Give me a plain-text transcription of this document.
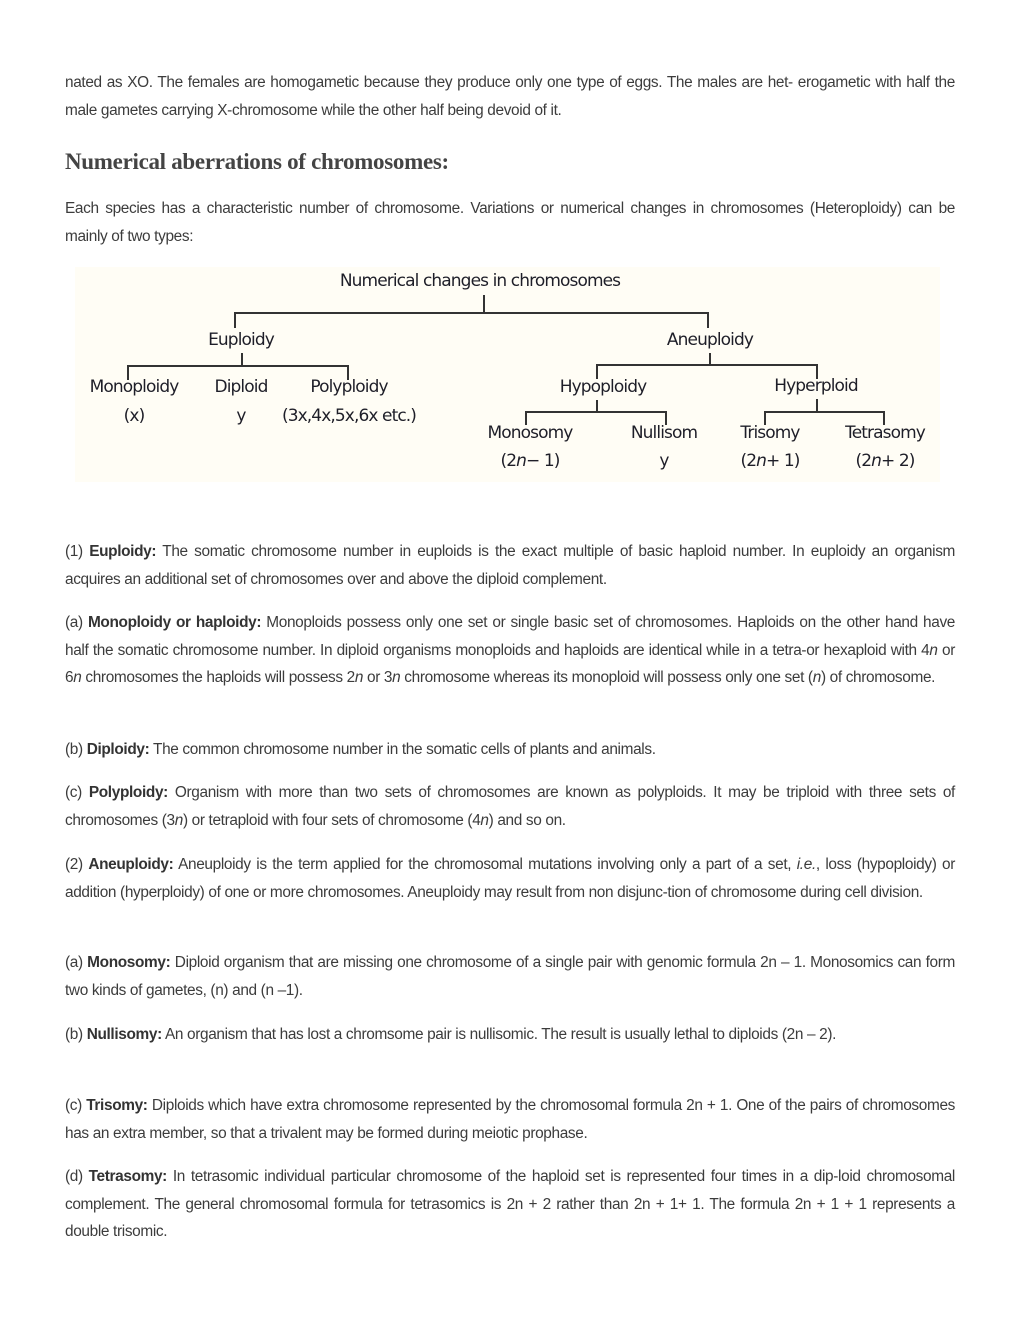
nated as XO. The females are homogametic because they produce only one type of eggs. The males are het- erogametic with half the male gametes carrying X-chromosome while the other half being devoid of it.

Numerical aberrations of chromosomes:

Each species has a characteristic number of chromosome. Variations or numerical changes in chromosomes (Heteroploidy) can be mainly of two types:

Numerical changes in chromosomes
Euploidy
Monoploidy
(x)
Diploid
y
Polyploidy
(3x,4x,5x,6x etc.)
Aneuploidy
Hypoploidy	Hyperploid
Monosomy
(2n− 1)
Nullisom
y
Trisomy
(2n+ 1)
Tetrasomy
(2n+ 2)

(1) Euploidy: The somatic chromosome number in euploids is the exact multiple of basic haploid number. In euploidy an organism acquires an additional set of chromosomes over and above the diploid complement.

(a) Monoploidy or haploidy: Monoploids possess only one set or single basic set of chromosomes. Haploids on the other hand have half the somatic chromosome number. In diploid organisms monoploids and haploids are identical while in a tetra-or hexaploid with 4n or 6n chromosomes the haploids will possess 2n or 3n chromosome whereas its monoploid will possess only one set (n) of chromosome.

(b) Diploidy: The common chromosome number in the somatic cells of plants and animals.

(c) Polyploidy: Organism with more than two sets of chromosomes are known as polyploids. It may be triploid with three sets of chromosomes (3n) or tetraploid with four sets of chromosome (4n) and so on.

(2) Aneuploidy: Aneuploidy is the term applied for the chromosomal mutations involving only a part of a set, i.e., loss (hypoploidy) or addition (hyperploidy) of one or more chromosomes. Aneuploidy may result from non disjunc-tion of chromosome during cell division.

(a) Monosomy: Diploid organism that are missing one chromosome of a single pair with genomic formula 2n – 1. Monosomics can form two kinds of gametes, (n) and (n –1).

(b) Nullisomy: An organism that has lost a chromsome pair is nullisomic. The result is usually lethal to diploids (2n – 2).

(c) Trisomy: Diploids which have extra chromosome represented by the chromosomal formula 2n + 1. One of the pairs of chromosomes has an extra member, so that a trivalent may be formed during meiotic prophase.

(d) Tetrasomy: In tetrasomic individual particular chromosome of the haploid set is represented four times in a dip-loid chromosomal complement. The general chromosomal formula for tetrasomics is 2n + 2 rather than 2n + 1+ 1. The formula 2n + 1 + 1 represents a double trisomic.
